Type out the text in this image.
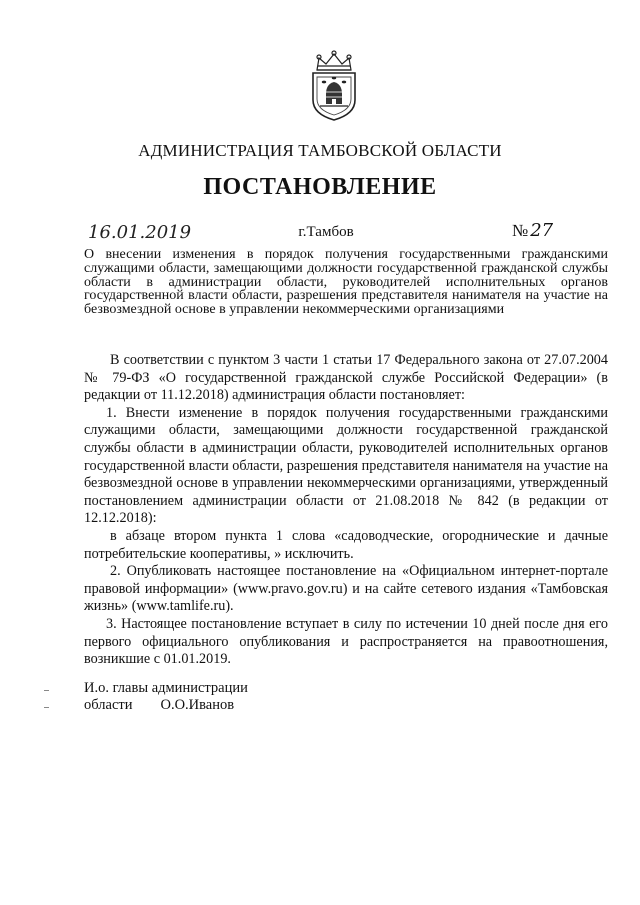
АДМИНИСТРАЦИЯ ТАМБОВСКОЙ ОБЛАСТИ
ПОСТАНОВЛЕНИЕ
16.01.2019	г.Тамбов	№ 27
О внесении изменения в порядок получения государственными гражданскими служащими области, замещающими должности государственной гражданской службы области в администрации области, руководителей исполнительных органов государственной власти области, разрешения представителя нанимателя на участие на безвозмездной основе в управлении некоммерческими организациями

В соответствии с пунктом 3 части 1 статьи 17 Федерального закона от 27.07.2004 № 79-ФЗ «О государственной гражданской службе Российской Федерации» (в редакции от 11.12.2018) администрация области постановляет:

1. Внести изменение в порядок получения государственными гражданскими служащими области, замещающими должности государственной гражданской службы области в администрации области, руководителей исполнительных органов государственной власти области, разрешения представителя нанимателя на участие на безвозмездной основе в управлении некоммерческими организациями, утвержденный постановлением администрации области от 21.08.2018 № 842 (в редакции от 12.12.2018):

в абзаце втором пункта 1 слова «садоводческие, огороднические и дачные потребительские кооперативы, » исключить.

2. Опубликовать настоящее постановление на «Официальном интернет-портале правовой информации» (www.pravo.gov.ru) и на сайте сетевого издания «Тамбовская жизнь» (www.tamlife.ru).

3. Настоящее постановление вступает в силу по истечении 10 дней после дня его первого официального опубликования и распространяется на правоотношения, возникшие с 01.01.2019.

И.о. главы администрации
области О.О.Иванов
